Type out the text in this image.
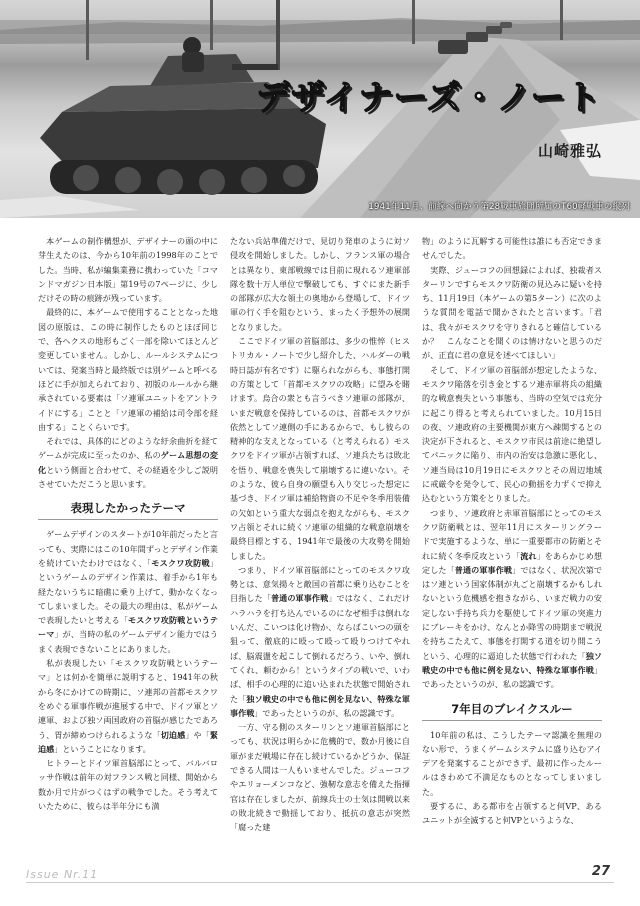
1941年11月、前線へ向かう第28戦車旅団所属のT60軽戦車の縦列
デザイナーズ・ノート
山崎雅弘

本ゲームの制作構想が、デザイナーの頭の中に芽生えたのは、今から10年前の1998年のことでした。当時、私が編集業務に携わっていた「コマンドマガジン日本版」第19号の7ページに、少しだけその時の痕跡が残っています。

最終的に、本ゲームで使用することとなった地図の原版は、この時に制作したものとほぼ同じで、各ヘクスの地形もごく一部を除いてほとんど変更していません。しかし、ルールシステムについては、発案当時と最終版では別ゲームと呼べるほどに手が加えられており、初版のルールから継承されている要素は「ソ連軍ユニットをアントライドにする」ことと「ソ連軍の補給は司令部を経由する」ことくらいです。

それでは、具体的にどのような紆余曲折を経てゲームが完成に至ったのか、私のゲーム思想の変化という側面と合わせて、その経過を少しご説明させていただこうと思います。

表現したかったテーマ

ゲームデザインのスタートが10年前だったと言っても、実際にはこの10年間ずっとデザイン作業を続けていたわけではなく、「モスクワ攻防戦」というゲームのデザイン作業は、着手から1年も経たないうちに暗礁に乗り上げて、動かなくなってしまいました。その最大の理由は、私がゲームで表現したいと考える「モスクワ攻防戦というテーマ」が、当時の私のゲームデザイン能力ではうまく表現できないことにありました。

私が表現したい「モスクワ攻防戦というテーマ」とは何かを簡単に説明すると、1941年の秋から冬にかけての時期に、ソ連邦の首都モスクワをめぐる軍事作戦が進展する中で、ドイツ軍とソ連軍、および独ソ両国政府の首脳が感じたであろう、胃が締めつけられるような「切迫感」や「緊迫感」ということになります。

ヒトラーとドイツ軍首脳部にとって、バルバロッサ作戦は前年の対フランス戦と同様、開始から数か月で片がつくはずの戦争でした。そう考えていたために、彼らは半年分にも満

たない兵站準備だけで、見切り発車のように対ソ侵攻を開始しました。しかし、フランス軍の場合とは異なり、東部戦線では目前に現れるソ連軍部隊を数十万人単位で撃破しても、すぐにまた新手の部隊が広大な領土の奥地から登場して、ドイツ軍の行く手を阻むという、まったく予想外の展開となりました。

ここでドイツ軍の首脳部は、多少の惟悴（ヒストリカル・ノートで少し紹介した、ハルダーの戦時日誌が有名です）に駆られながらも、事態打開の方策として「首都モスクワの攻略」に望みを賭けます。烏合の衆とも言うべきソ連軍の部隊が、いまだ戦意を保持しているのは、首都モスクワが依然としてソ連側の手にあるからで、もし彼らの精神的な支えとなっている（と考えられる）モスクワをドイツ軍が占領すれば、ソ連兵たちは敗北を悟り、戦意を喪失して崩壊するに違いない。そのような、彼ら自身の願望も入り交じった想定に基づき、ドイツ軍は補給物資の不足や冬季用装備の欠如という重大な弱点を抱えながらも、モスクワ占領とそれに続くソ連軍の組織的な戦意崩壊を最終目標とする、1941年で最後の大攻勢を開始しました。

つまり、ドイツ軍首脳部にとってのモスクワ攻勢とは、意気揚々と敵国の首都に乗り込むことを目指した「普通の軍事作戦」ではなく、これだけハラハラを打ち込んでいるのになぜ相手は倒れないんだ、こいつは化け物か、ならばこいつの頭を狙って、徹底的に殴って殴って殴りつけてやれば、脳震盪を起こして倒れるだろう、いや、倒れてくれ、頼むから！というタイプの戦いで、いわば、相手の心理的に追い込まれた状態で開始された「独ソ戦史の中でも他に例を見ない、特殊な軍事作戦」であったというのが、私の認識です。

一方、守る側のスターリンとソ連軍首脳部にとっても、状況は明らかに危機的で、数か月後に自軍がまだ戦場に存在し続けているかどうか、保証できる人間は一人もいませんでした。ジューコフやエリョーメンコなど、強靭な意志を備えた指揮官は存在しましたが、前線兵士の士気は開戦以来の敗北続きで動揺しており、抵抗の意志が突然「腐った建

物」のように瓦解する可能性は誰にも否定できませんでした。

実際、ジューコフの回想録によれば、独裁者スターリンですらモスクワ防衛の見込みに疑いを持ち、11月19日（本ゲームの第5ターン）に次のような質問を電話で聞かされたと言います。「君は、我々がモスクワを守りきれると確信しているか？　こんなことを聞くのは情けないと思うのだが、正直に君の意見を述べてほしい」

そして、ドイツ軍の首脳部が想定したような、モスクワ陥落を引き金とするソ連赤軍将兵の組織的な戦意喪失という事態も、当時の空気では充分に起こり得ると考えられていました。10月15日の夜、ソ連政府の主要機関が東方へ疎開するとの決定が下されると、モスクワ市民は前途に絶望してパニックに陥り、市内の治安は急激に悪化し、ソ連当局は10月19日にモスクワとその周辺地域に戒厳令を発令して、民心の動揺を力ずくで抑え込むという方策をとりました。

つまり、ソ連政府と赤軍首脳部にとってのモスクワ防衛戦とは、翌年11月にスターリングラードで実施するような、単に一重要都市の防衛とそれに続く冬季反攻という「流れ」をあらかじめ想定した「普通の軍事作戦」ではなく、状況次第ではソ連という国家体制が丸ごと崩壊するかもしれないという危機感を抱きながら、いまだ戦力の安定しない手持ち兵力を駆使してドイツ軍の突進力にブレーキをかけ、なんとか降雪の時期まで戦況を持ちこたえて、事態を打開する道を切り開こうという、心理的に逼迫した状態で行われた「独ソ戦史の中でも他に例を見ない、特殊な軍事作戦」であったというのが、私の認識です。

7年目のブレイクスルー

10年前の私は、こうしたテーマ認識を無理のない形で、うまくゲームシステムに盛り込むアイデアを発案することができず、最初に作ったルールはきわめて不満足なものとなってしまいました。

要するに、ある都市を占領すると何VP、あるユニットが全滅すると何VPというような、

Issue Nr.11	27
